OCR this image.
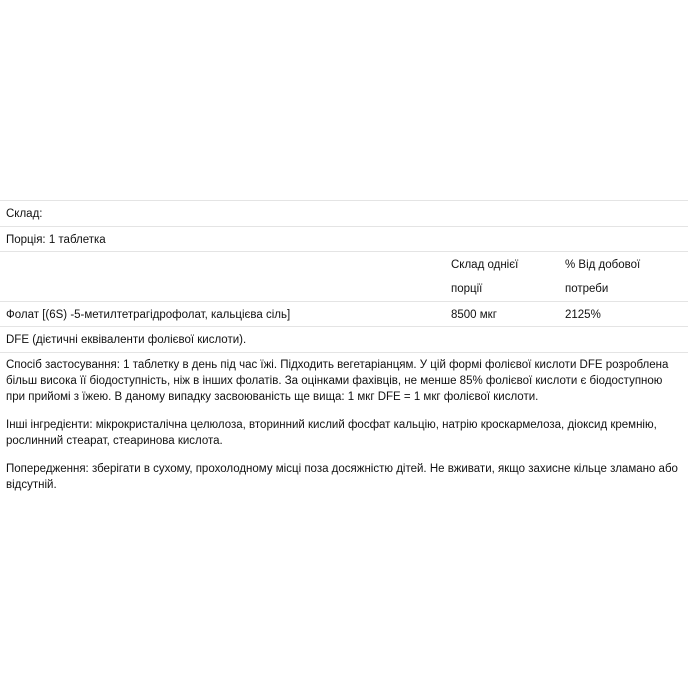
Склад:
Порція: 1 таблетка
Склад однієї
порції
% Від добової
потреби
Фолат [(6S) -5-метилтетрагідрофолат, кальцієва сіль]	8500 мкг	2125%
DFE (дієтичні еквіваленти фолієвої кислоти).

Спосіб застосування: 1 таблетку в день під час їжі. Підходить вегетаріанцям. У цій формі фолієвої кислоти DFE розроблена більш висока її біодоступність, ніж в інших фолатів. За оцінками фахівців, не менше 85% фолієвої кислоти є біодоступною при прийомі з їжею. В даному випадку засвоюваність ще вища: 1 мкг DFE = 1 мкг фолієвої кислоти.

Інші інгредієнти: мікрокристалічна целюлоза, вторинний кислий фосфат кальцію, натрію кроскармелоза, діоксид кремнію, рослинний стеарат, стеаринова кислота.

Попередження: зберігати в сухому, прохолодному місці поза досяжністю дітей. Не вживати, якщо захисне кільце зламано або відсутній.
